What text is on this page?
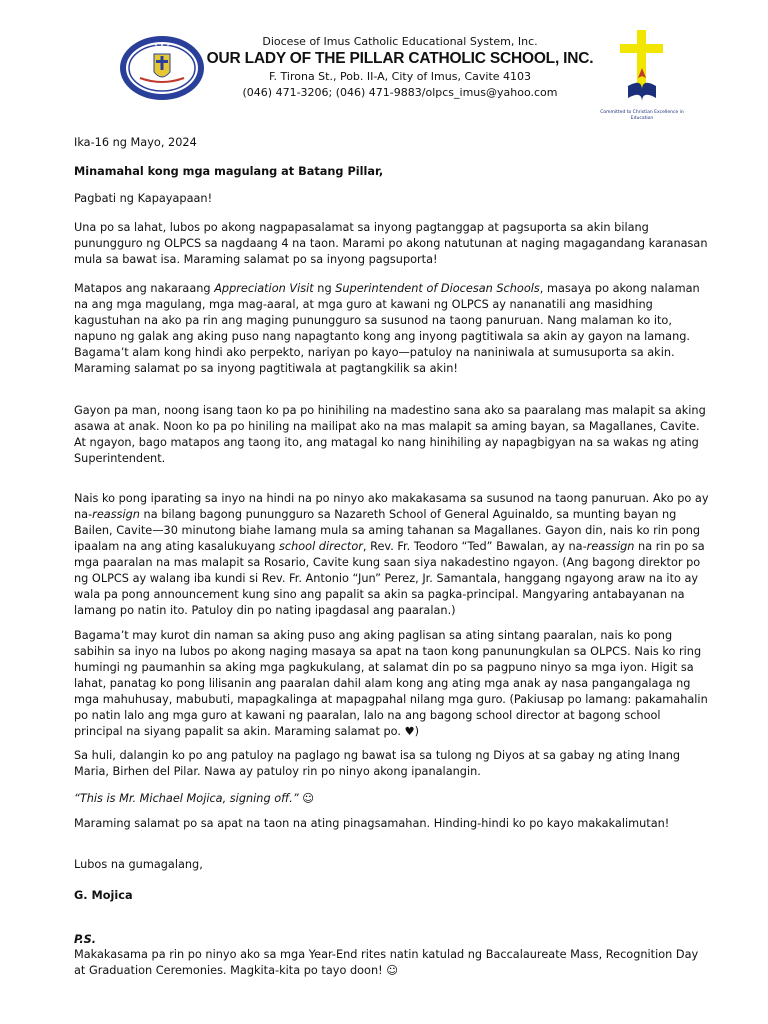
★ ★ ★	Diocese of Imus Catholic Educational System, Inc.
OUR LADY OF THE PILLAR CATHOLIC SCHOOL, INC.
F. Tirona St., Pob. II-A, City of Imus, Cavite 4103
(046) 471-3206; (046) 471-9883/olpcs_imus@yahoo.com
Committed to Christian Excellence in Education

Ika-16 ng Mayo, 2024

Minamahal kong mga magulang at Batang Pillar,

Pagbati ng Kapayapaan!

Una po sa lahat, lubos po akong nagpapasalamat sa inyong pagtanggap at pagsuporta sa akin bilang
punungguro ng OLPCS sa nagdaang 4 na taon. Marami po akong natutunan at naging magagandang karanasan
mula sa bawat isa. Maraming salamat po sa inyong pagsuporta!

Matapos ang nakaraang Appreciation Visit ng Superintendent of Diocesan Schools, masaya po akong nalaman
na ang mga magulang, mga mag-aaral, at mga guro at kawani ng OLPCS ay nananatili ang masidhing
kagustuhan na ako pa rin ang maging punungguro sa susunod na taong panuruan. Nang malaman ko ito,
napuno ng galak ang aking puso nang napagtanto kong ang inyong pagtitiwala sa akin ay gayon na lamang.
Bagama’t alam kong hindi ako perpekto, nariyan po kayo—patuloy na naniniwala at sumusuporta sa akin.
Maraming salamat po sa inyong pagtitiwala at pagtangkilik sa akin!

Gayon pa man, noong isang taon ko pa po hinihiling na madestino sana ako sa paaralang mas malapit sa aking
asawa at anak. Noon ko pa po hiniling na mailipat ako na mas malapit sa aming bayan, sa Magallanes, Cavite.
At ngayon, bago matapos ang taong ito, ang matagal ko nang hinihiling ay napagbigyan na sa wakas ng ating
Superintendent.

Nais ko pong iparating sa inyo na hindi na po ninyo ako makakasama sa susunod na taong panuruan. Ako po ay
na-reassign na bilang bagong punungguro sa Nazareth School of General Aguinaldo, sa munting bayan ng
Bailen, Cavite—30 minutong biahe lamang mula sa aming tahanan sa Magallanes. Gayon din, nais ko rin pong
ipaalam na ang ating kasalukuyang school director, Rev. Fr. Teodoro “Ted” Bawalan, ay na-reassign na rin po sa
mga paaralan na mas malapit sa Rosario, Cavite kung saan siya nakadestino ngayon. (Ang bagong direktor po
ng OLPCS ay walang iba kundi si Rev. Fr. Antonio “Jun” Perez, Jr. Samantala, hanggang ngayong araw na ito ay
wala pa pong announcement kung sino ang papalit sa akin sa pagka-principal. Mangyaring antabayanan na
lamang po natin ito. Patuloy din po nating ipagdasal ang paaralan.)

Bagama’t may kurot din naman sa aking puso ang aking paglisan sa ating sintang paaralan, nais ko pong
sabihin sa inyo na lubos po akong naging masaya sa apat na taon kong panunungkulan sa OLPCS. Nais ko ring
humingi ng paumanhin sa aking mga pagkukulang, at salamat din po sa pagpuno ninyo sa mga iyon. Higit sa
lahat, panatag ko pong lilisanin ang paaralan dahil alam kong ang ating mga anak ay nasa pangangalaga ng
mga mahuhusay, mabubuti, mapagkalinga at mapagpahal nilang mga guro. (Pakiusap po lamang: pakamahalin
po natin lalo ang mga guro at kawani ng paaralan, lalo na ang bagong school director at bagong school
principal na siyang papalit sa akin. Maraming salamat po. ♥)

Sa huli, dalangin ko po ang patuloy na paglago ng bawat isa sa tulong ng Diyos at sa gabay ng ating Inang
Maria, Birhen del Pilar. Nawa ay patuloy rin po ninyo akong ipanalangin.

“This is Mr. Michael Mojica, signing off.” ☺

Maraming salamat po sa apat na taon na ating pinagsamahan. Hinding-hindi ko po kayo makakalimutan!

Lubos na gumagalang,

G. Mojica

P.S.

Makakasama pa rin po ninyo ako sa mga Year-End rites natin katulad ng Baccalaureate Mass, Recognition Day
at Graduation Ceremonies. Magkita-kita po tayo doon! ☺
